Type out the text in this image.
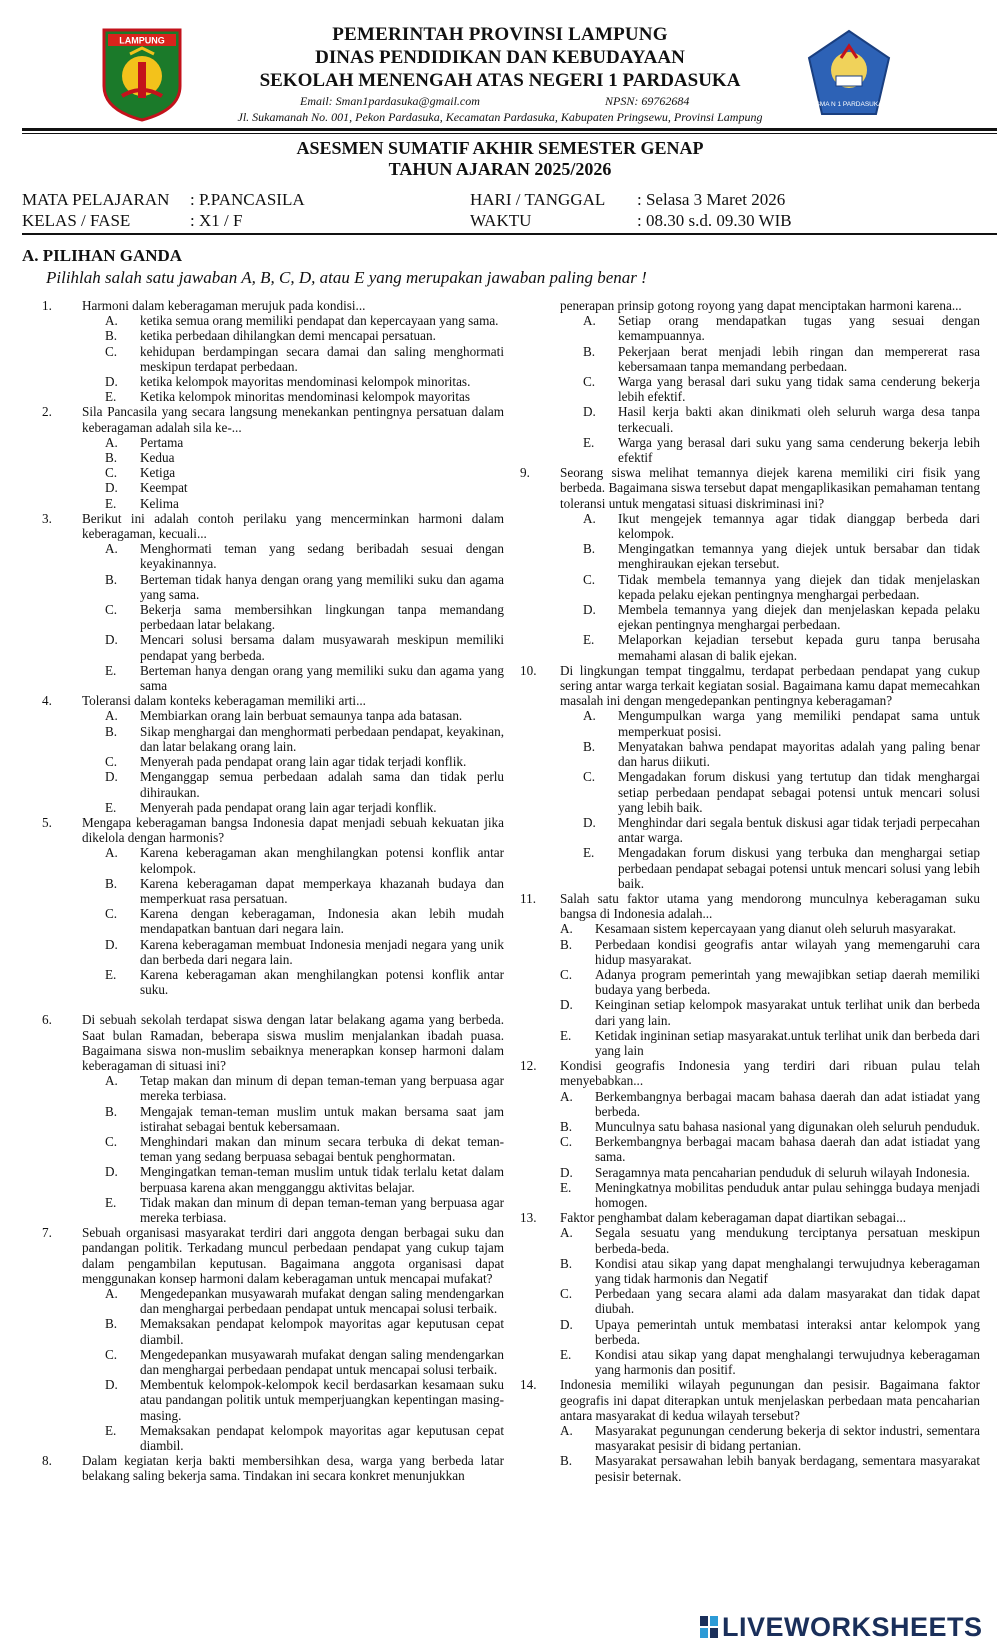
LAMPUNG	PEMERINTAH PROVINSI LAMPUNG
DINAS PENDIDIKAN DAN KEBUDAYAAN
SEKOLAH MENENGAH ATAS NEGERI 1 PARDASUKA
Email: Sman1pardasuka@gmail.com	NPSN: 69762684
Jl. Sukamanah No. 001, Pekon Pardasuka, Kecamatan Pardasuka, Kabupaten Pringsewu, Provinsi Lampung
SMA N 1 PARDASUKA
ASESMEN SUMATIF AKHIR SEMESTER GENAP
TAHUN AJARAN 2025/2026
MATA PELAJARAN : P.PANCASILA	HARI / TANGGAL : Selasa 3 Maret 2026
KELAS / FASE	: X1 / F	WAKTU	: 08.30 s.d. 09.30 WIB
A. PILIHAN GANDA
Pilihlah salah satu jawaban A, B, C, D, atau E yang merupakan jawaban paling benar !
1. Harmoni dalam keberagaman merujuk pada kondisi...
A. ketika semua orang memiliki pendapat dan kepercayaan yang sama.
B. ketika perbedaan dihilangkan demi mencapai persatuan.
C. kehidupan berdampingan secara damai dan saling menghormati meskipun terdapat perbedaan.
D. ketika kelompok mayoritas mendominasi kelompok minoritas.
E. Ketika kelompok minoritas mendominasi kelompok mayoritas
2. Sila Pancasila yang secara langsung menekankan pentingnya persatuan dalam keberagaman adalah sila ke-...
A. Pertama
B. Kedua
C. Ketiga
D. Keempat
E. Kelima
3. Berikut ini adalah contoh perilaku yang mencerminkan harmoni dalam keberagaman, kecuali...
A. Menghormati teman yang sedang beribadah sesuai dengan keyakinannya.
B. Berteman tidak hanya dengan orang yang memiliki suku dan agama yang sama.
C. Bekerja sama membersihkan lingkungan tanpa memandang perbedaan latar belakang.
D. Mencari solusi bersama dalam musyawarah meskipun memiliki pendapat yang berbeda.
E. Berteman hanya dengan orang yang memiliki suku dan agama yang sama
4. Toleransi dalam konteks keberagaman memiliki arti...
A. Membiarkan orang lain berbuat semaunya tanpa ada batasan.
B. Sikap menghargai dan menghormati perbedaan pendapat, keyakinan, dan latar belakang orang lain.
C. Menyerah pada pendapat orang lain agar tidak terjadi konflik.
D. Menganggap semua perbedaan adalah sama dan tidak perlu dihiraukan.
E. Menyerah pada pendapat orang lain agar terjadi konflik.
5. Mengapa keberagaman bangsa Indonesia dapat menjadi sebuah kekuatan jika dikelola dengan harmonis?
A. Karena keberagaman akan menghilangkan potensi konflik antar kelompok.
B. Karena keberagaman dapat memperkaya khazanah budaya dan memperkuat rasa persatuan.
C. Karena dengan keberagaman, Indonesia akan lebih mudah mendapatkan bantuan dari negara lain.
D. Karena keberagaman membuat Indonesia menjadi negara yang unik dan berbeda dari negara lain.
E. Karena keberagaman akan menghilangkan potensi konflik antar suku.
6. Di sebuah sekolah terdapat siswa dengan latar belakang agama yang berbeda. Saat bulan Ramadan, beberapa siswa muslim menjalankan ibadah puasa. Bagaimana siswa non-muslim sebaiknya menerapkan konsep harmoni dalam keberagaman di situasi ini?
A. Tetap makan dan minum di depan teman-teman yang berpuasa agar mereka terbiasa.
B. Mengajak teman-teman muslim untuk makan bersama saat jam istirahat sebagai bentuk kebersamaan.
C. Menghindari makan dan minum secara terbuka di dekat teman-teman yang sedang berpuasa sebagai bentuk penghormatan.
D. Mengingatkan teman-teman muslim untuk tidak terlalu ketat dalam berpuasa karena akan mengganggu aktivitas belajar.
E. Tidak makan dan minum di depan teman-teman yang berpuasa agar mereka terbiasa.
7. Sebuah organisasi masyarakat terdiri dari anggota dengan berbagai suku dan pandangan politik. Terkadang muncul perbedaan pendapat yang cukup tajam dalam pengambilan keputusan. Bagaimana anggota organisasi dapat menggunakan konsep harmoni dalam keberagaman untuk mencapai mufakat?
A. Mengedepankan musyawarah mufakat dengan saling mendengarkan dan menghargai perbedaan pendapat untuk mencapai solusi terbaik.
B. Memaksakan pendapat kelompok mayoritas agar keputusan cepat diambil.
C. Mengedepankan musyawarah mufakat dengan saling mendengarkan dan menghargai perbedaan pendapat untuk mencapai solusi terbaik.
D. Membentuk kelompok-kelompok kecil berdasarkan kesamaan suku atau pandangan politik untuk memperjuangkan kepentingan masing-masing.
E. Memaksakan pendapat kelompok mayoritas agar keputusan cepat diambil.
8. Dalam kegiatan kerja bakti membersihkan desa, warga yang berbeda latar belakang saling bekerja sama. Tindakan ini secara konkret menunjukkan
penerapan prinsip gotong royong yang dapat menciptakan harmoni karena...
A. Setiap orang mendapatkan tugas yang sesuai dengan kemampuannya.
B. Pekerjaan berat menjadi lebih ringan dan mempererat rasa kebersamaan tanpa memandang perbedaan.
C. Warga yang berasal dari suku yang tidak sama cenderung bekerja lebih efektif.
D. Hasil kerja bakti akan dinikmati oleh seluruh warga desa tanpa terkecuali.
E. Warga yang berasal dari suku yang sama cenderung bekerja lebih efektif
9. Seorang siswa melihat temannya diejek karena memiliki ciri fisik yang berbeda. Bagaimana siswa tersebut dapat mengaplikasikan pemahaman tentang toleransi untuk mengatasi situasi diskriminasi ini?
A. Ikut mengejek temannya agar tidak dianggap berbeda dari kelompok.
B. Mengingatkan temannya yang diejek untuk bersabar dan tidak menghiraukan ejekan tersebut.
C. Tidak membela temannya yang diejek dan tidak menjelaskan kepada pelaku ejekan pentingnya menghargai perbedaan.
D. Membela temannya yang diejek dan menjelaskan kepada pelaku ejekan pentingnya menghargai perbedaan.
E. Melaporkan kejadian tersebut kepada guru tanpa berusaha memahami alasan di balik ejekan.
10. Di lingkungan tempat tinggalmu, terdapat perbedaan pendapat yang cukup sering antar warga terkait kegiatan sosial. Bagaimana kamu dapat memecahkan masalah ini dengan mengedepankan pentingnya keberagaman?
A. Mengumpulkan warga yang memiliki pendapat sama untuk memperkuat posisi.
B. Menyatakan bahwa pendapat mayoritas adalah yang paling benar dan harus diikuti.
C. Mengadakan forum diskusi yang tertutup dan tidak menghargai setiap perbedaan pendapat sebagai potensi untuk mencari solusi yang lebih baik.
D. Menghindar dari segala bentuk diskusi agar tidak terjadi perpecahan antar warga.
E. Mengadakan forum diskusi yang terbuka dan menghargai setiap perbedaan pendapat sebagai potensi untuk mencari solusi yang lebih baik.
11. Salah satu faktor utama yang mendorong munculnya keberagaman suku bangsa di Indonesia adalah...
A. Kesamaan sistem kepercayaan yang dianut oleh seluruh masyarakat.
B. Perbedaan kondisi geografis antar wilayah yang memengaruhi cara hidup masyarakat.
C. Adanya program pemerintah yang mewajibkan setiap daerah memiliki budaya yang berbeda.
D. Keinginan setiap kelompok masyarakat untuk terlihat unik dan berbeda dari yang lain.
E. Ketidak ingininan setiap masyarakat.untuk terlihat unik dan berbeda dari yang lain
12. Kondisi geografis Indonesia yang terdiri dari ribuan pulau telah menyebabkan...
A. Berkembangnya berbagai macam bahasa daerah dan adat istiadat yang berbeda.
B. Munculnya satu bahasa nasional yang digunakan oleh seluruh penduduk.
C. Berkembangnya berbagai macam bahasa daerah dan adat istiadat yang sama.
D. Seragamnya mata pencaharian penduduk di seluruh wilayah Indonesia.
E. Meningkatnya mobilitas penduduk antar pulau sehingga budaya menjadi homogen.
13. Faktor penghambat dalam keberagaman dapat diartikan sebagai...
A. Segala sesuatu yang mendukung terciptanya persatuan meskipun berbeda-beda.
B. Kondisi atau sikap yang dapat menghalangi terwujudnya keberagaman yang tidak harmonis dan Negatif
C. Perbedaan yang secara alami ada dalam masyarakat dan tidak dapat diubah.
D. Upaya pemerintah untuk membatasi interaksi antar kelompok yang berbeda.
E. Kondisi atau sikap yang dapat menghalangi terwujudnya keberagaman yang harmonis dan positif.
14. Indonesia memiliki wilayah pegunungan dan pesisir. Bagaimana faktor geografis ini dapat diterapkan untuk menjelaskan perbedaan mata pencaharian antara masyarakat di kedua wilayah tersebut?
A. Masyarakat pegunungan cenderung bekerja di sektor industri, sementara masyarakat pesisir di bidang pertanian.
B. Masyarakat persawahan lebih banyak berdagang, sementara masyarakat pesisir beternak.
LIVEWORKSHEETS
